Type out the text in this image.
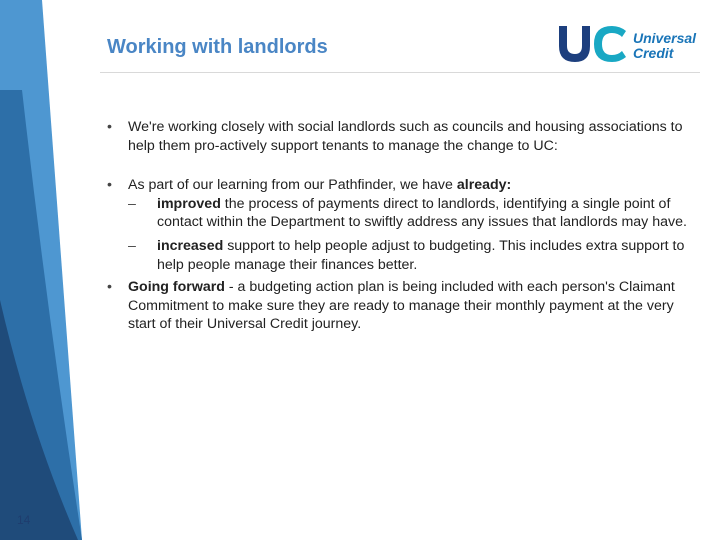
Working with landlords	Universal
Credit
• We're working closely with social landlords such as councils and housing associations to help them pro-actively support tenants to manage the change to UC:
• As part of our learning from our Pathfinder, we have already:
– improved the process of payments direct to landlords, identifying a single point of contact within the Department to swiftly address any issues that landlords may have.
– increased support to help people adjust to budgeting. This includes extra support to help people manage their finances better.
• Going forward - a budgeting action plan is being included with each person's Claimant Commitment to make sure they are ready to manage their monthly payment at the very start of their Universal Credit journey.
14
